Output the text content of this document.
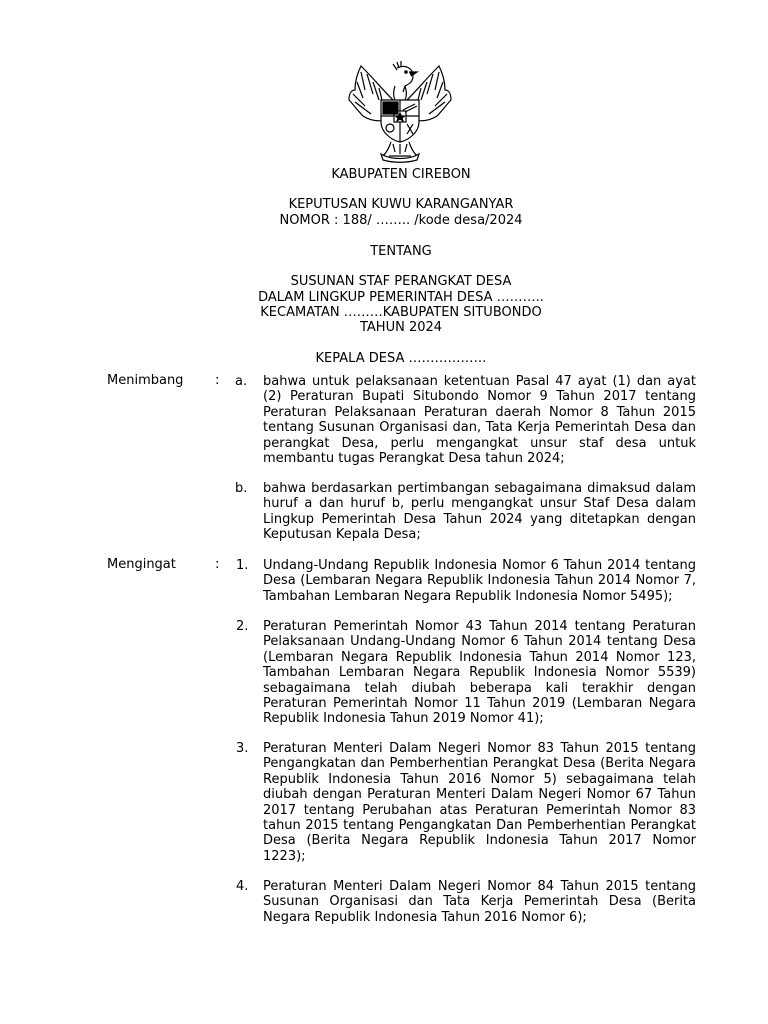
KABUPATEN CIREBON
KEPUTUSAN KUWU KARANGANYAR
NOMOR : 188/ …….. /kode desa/2024
TENTANG
SUSUNAN STAF PERANGKAT DESA
DALAM LINGKUP PEMERINTAH DESA ………..
KECAMATAN ………KABUPATEN SITUBONDO
TAHUN 2024
KEPALA DESA ………………
Menimbang : a. bahwa untuk pelaksanaan ketentuan Pasal 47 ayat (1) dan ayat (2) Peraturan Bupati Situbondo Nomor 9 Tahun 2017 tentang Peraturan Pelaksanaan Peraturan daerah Nomor 8 Tahun 2015 tentang Susunan Organisasi dan, Tata Kerja Pemerintah Desa dan perangkat Desa, perlu mengangkat unsur staf desa untuk membantu tugas Perangkat Desa tahun 2024;
b. bahwa berdasarkan pertimbangan sebagaimana dimaksud dalam huruf a dan huruf b, perlu mengangkat unsur Staf Desa dalam Lingkup Pemerintah Desa Tahun 2024 yang ditetapkan dengan Keputusan Kepala Desa;
Mengingat	: 1. Undang-Undang Republik Indonesia Nomor 6 Tahun 2014 tentang Desa (Lembaran Negara Republik Indonesia Tahun 2014 Nomor 7, Tambahan Lembaran Negara Republik Indonesia Nomor 5495);
2. Peraturan Pemerintah Nomor 43 Tahun 2014 tentang Peraturan Pelaksanaan Undang-Undang Nomor 6 Tahun 2014 tentang Desa (Lembaran Negara Republik Indonesia Tahun 2014 Nomor 123, Tambahan Lembaran Negara Republik Indonesia Nomor 5539) sebagaimana telah diubah beberapa kali terakhir dengan Peraturan Pemerintah Nomor 11 Tahun 2019 (Lembaran Negara Republik Indonesia Tahun 2019 Nomor 41);
3. Peraturan Menteri Dalam Negeri Nomor 83 Tahun 2015 tentang Pengangkatan dan Pemberhentian Perangkat Desa (Berita Negara Republik Indonesia Tahun 2016 Nomor 5) sebagaimana telah diubah dengan Peraturan Menteri Dalam Negeri Nomor 67 Tahun 2017 tentang Perubahan atas Peraturan Pemerintah Nomor 83 tahun 2015 tentang Pengangkatan Dan Pemberhentian Perangkat Desa (Berita Negara Republik Indonesia Tahun 2017 Nomor 1223);
4. Peraturan Menteri Dalam Negeri Nomor 84 Tahun 2015 tentang Susunan Organisasi dan Tata Kerja Pemerintah Desa (Berita Negara Republik Indonesia Tahun 2016 Nomor 6);
